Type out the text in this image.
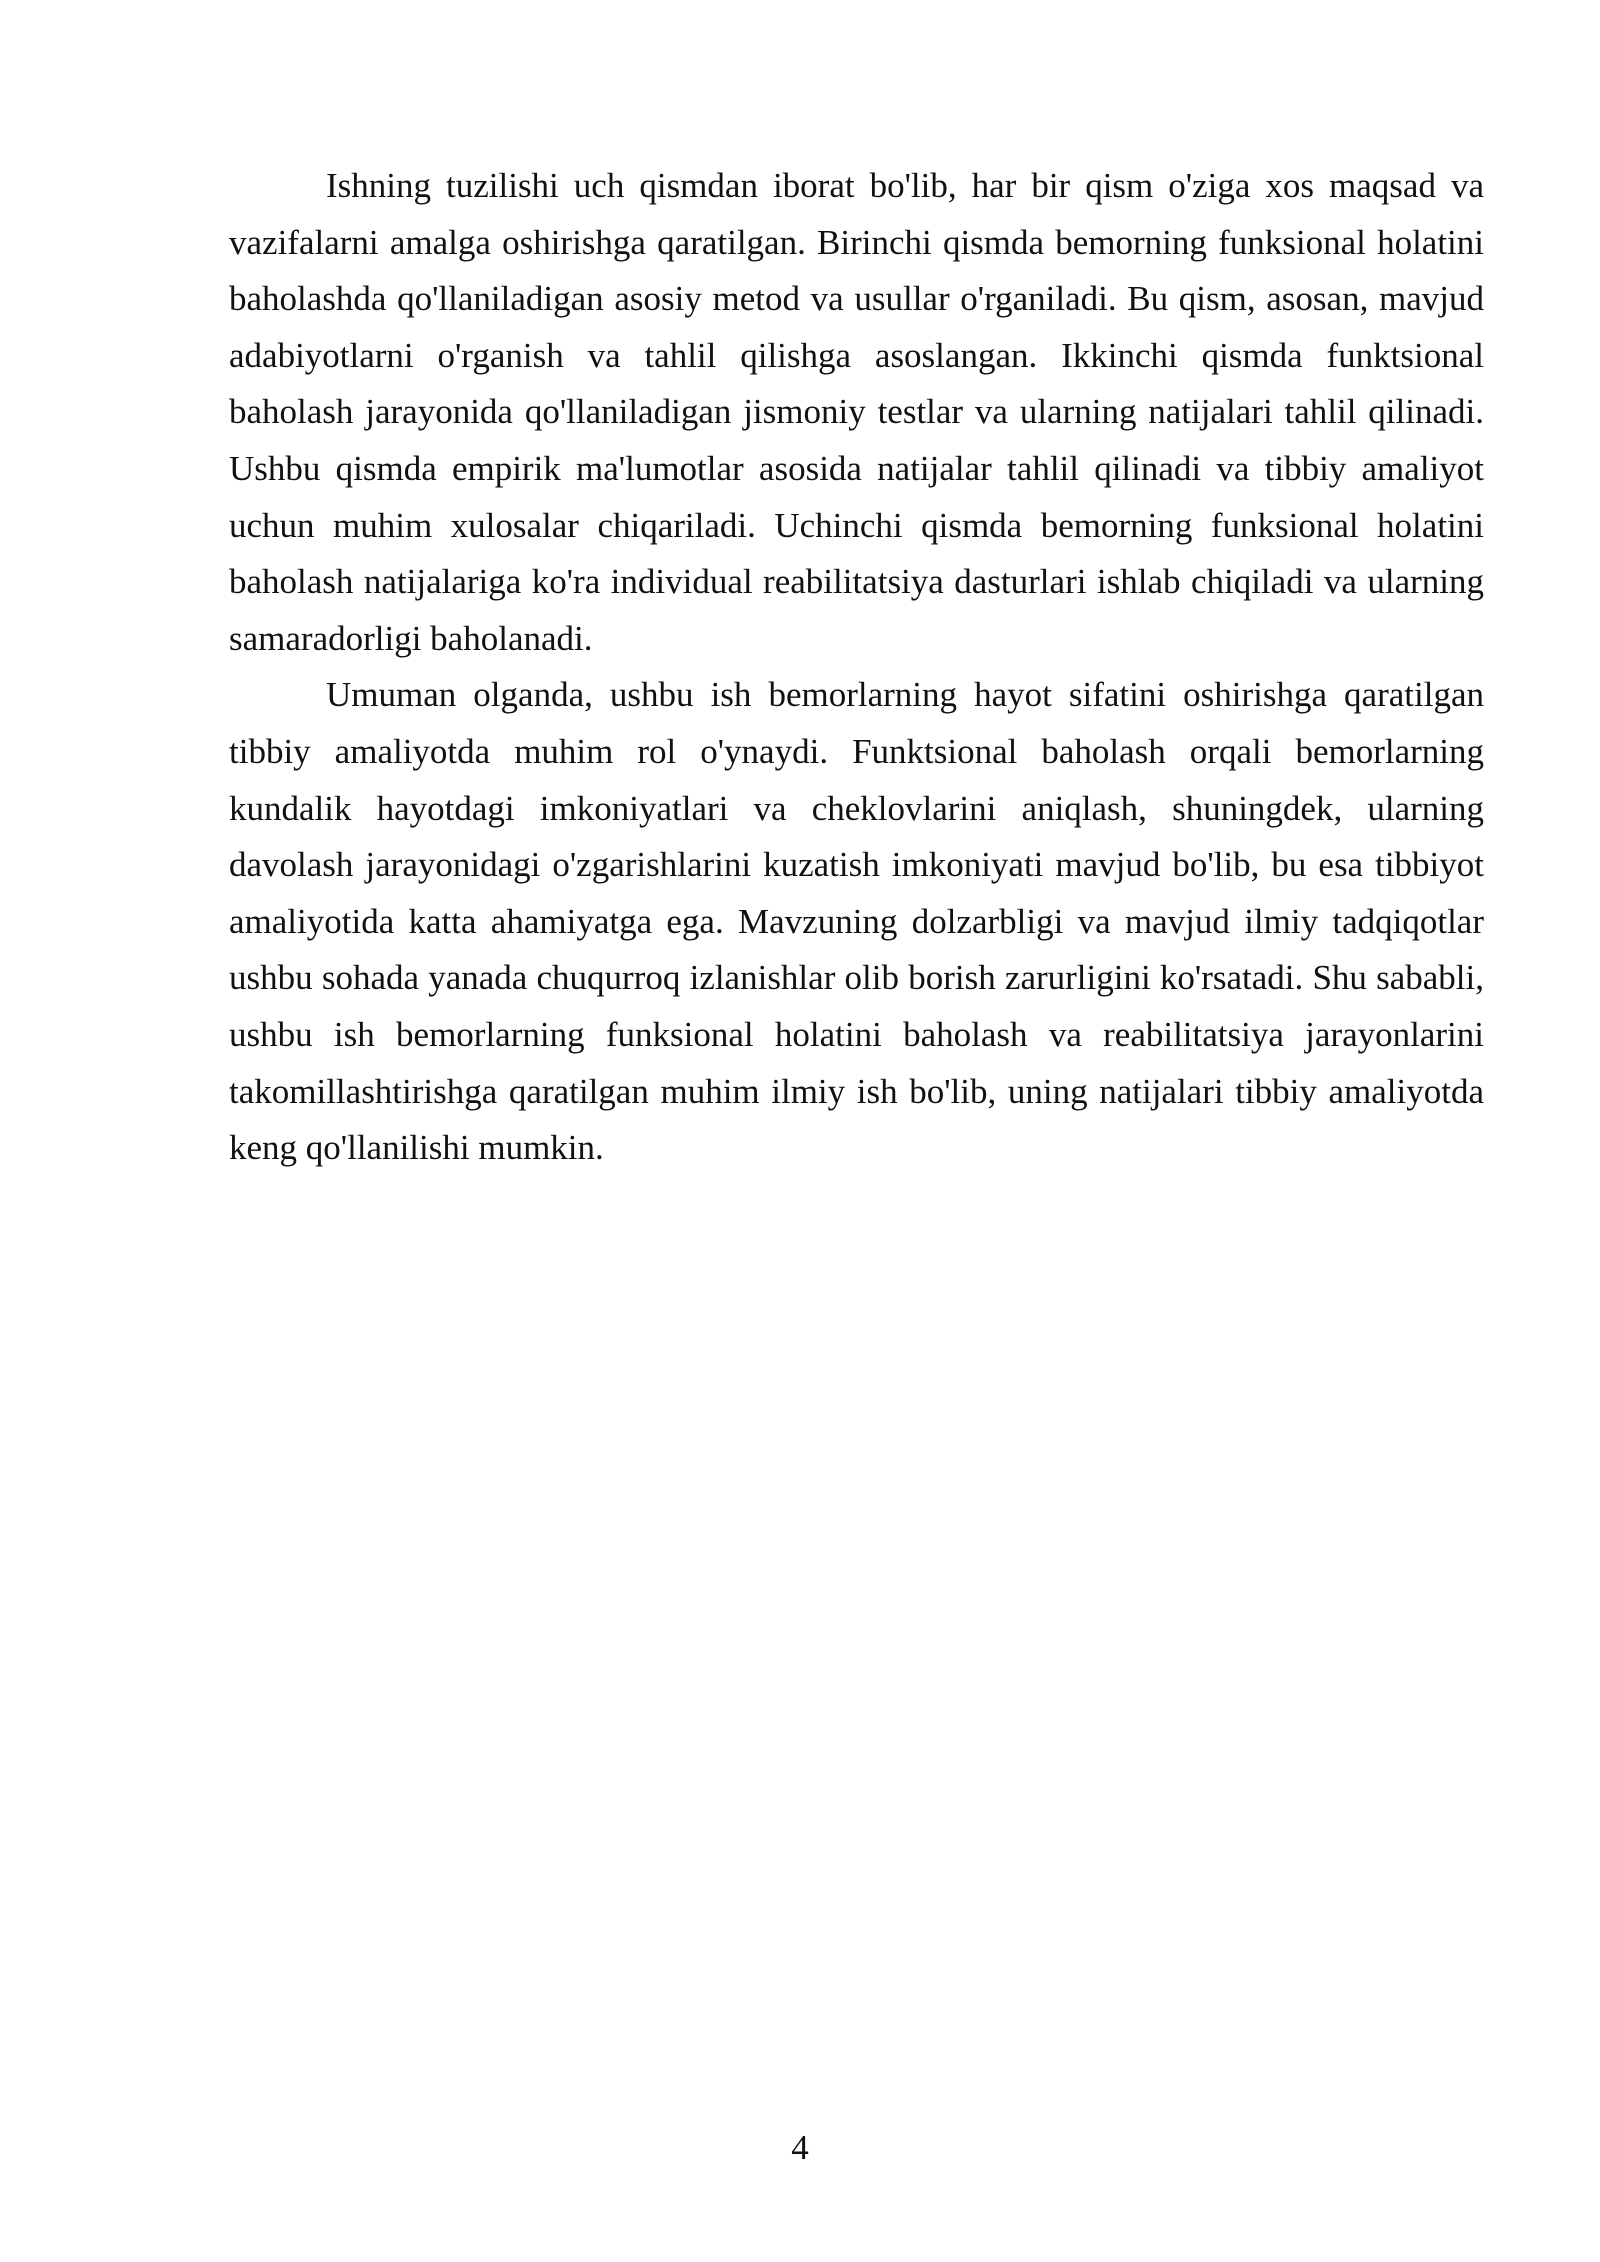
Ishning tuzilishi uch qismdan iborat bo'lib, har bir qism o'ziga xos maqsad va vazifalarni amalga oshirishga qaratilgan. Birinchi qismda bemorning funksional holatini baholashda qo'llaniladigan asosiy metod va usullar o'rganiladi. Bu qism, asosan, mavjud adabiyotlarni o'rganish va tahlil qilishga asoslangan. Ikkinchi qismda funktsional baholash jarayonida qo'llaniladigan jismoniy testlar va ularning natijalari tahlil qilinadi. Ushbu qismda empirik ma'lumotlar asosida natijalar tahlil qilinadi va tibbiy amaliyot uchun muhim xulosalar chiqariladi. Uchinchi qismda bemorning funksional holatini baholash natijalariga ko'ra individual reabilitatsiya dasturlari ishlab chiqiladi va ularning samaradorligi baholanadi.

Umuman olganda, ushbu ish bemorlarning hayot sifatini oshirishga qaratilgan tibbiy amaliyotda muhim rol o'ynaydi. Funktsional baholash orqali bemorlarning kundalik hayotdagi imkoniyatlari va cheklovlarini aniqlash, shuningdek, ularning davolash jarayonidagi o'zgarishlarini kuzatish imkoniyati mavjud bo'lib, bu esa tibbiyot amaliyotida katta ahamiyatga ega. Mavzuning dolzarbligi va mavjud ilmiy tadqiqotlar ushbu sohada yanada chuqurroq izlanishlar olib borish zarurligini ko'rsatadi. Shu sababli, ushbu ish bemorlarning funksional holatini baholash va reabilitatsiya jarayonlarini takomillashtirishga qaratilgan muhim ilmiy ish bo'lib, uning natijalari tibbiy amaliyotda keng qo'llanilishi mumkin.

4
